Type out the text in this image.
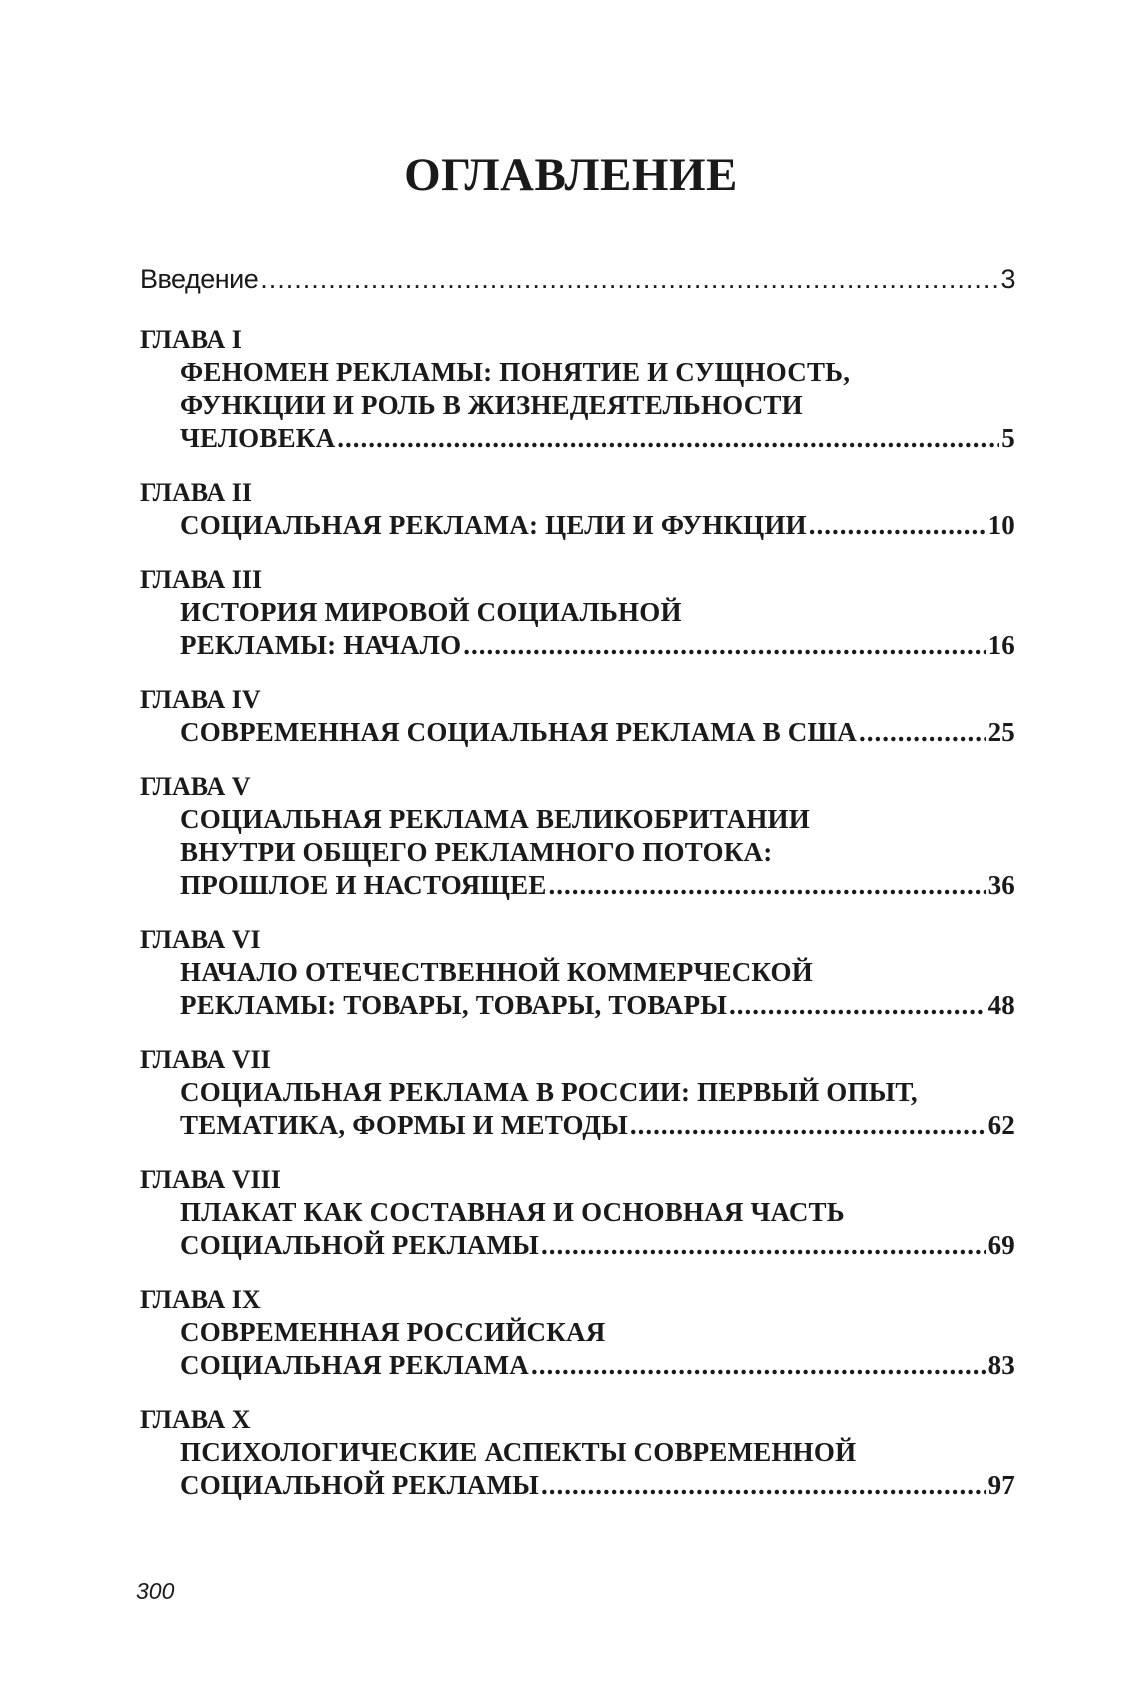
ОГЛАВЛЕНИЕ
Введение .....	3
ГЛАВА I
ФЕНОМЕН РЕКЛАМЫ: ПОНЯТИЕ И СУЩНОСТЬ,
ФУНКЦИИ И РОЛЬ В ЖИЗНЕДЕЯТЕЛЬНОСТИ
ЧЕЛОВЕКА .....	5
ГЛАВА II
СОЦИАЛЬНАЯ РЕКЛАМА: ЦЕЛИ И ФУНКЦИИ .....	10
ГЛАВА III
ИСТОРИЯ МИРОВОЙ СОЦИАЛЬНОЙ
РЕКЛАМЫ: НАЧАЛО .....	16
ГЛАВА IV
СОВРЕМЕННАЯ СОЦИАЛЬНАЯ РЕКЛАМА В США .....	25
ГЛАВА V
СОЦИАЛЬНАЯ РЕКЛАМА ВЕЛИКОБРИТАНИИ
ВНУТРИ ОБЩЕГО РЕКЛАМНОГО ПОТОКА:
ПРОШЛОЕ И НАСТОЯЩЕЕ .....	36
ГЛАВА VI
НАЧАЛО ОТЕЧЕСТВЕННОЙ КОММЕРЧЕСКОЙ
РЕКЛАМЫ: ТОВАРЫ, ТОВАРЫ, ТОВАРЫ .....	48
ГЛАВА VII
СОЦИАЛЬНАЯ РЕКЛАМА В РОССИИ: ПЕРВЫЙ ОПЫТ,
ТЕМАТИКА, ФОРМЫ И МЕТОДЫ .....	62
ГЛАВА VIII
ПЛАКАТ КАК СОСТАВНАЯ И ОСНОВНАЯ ЧАСТЬ
СОЦИАЛЬНОЙ РЕКЛАМЫ .....	69
ГЛАВА IX
СОВРЕМЕННАЯ РОССИЙСКАЯ
СОЦИАЛЬНАЯ РЕКЛАМА .....	83
ГЛАВА X
ПСИХОЛОГИЧЕСКИЕ АСПЕКТЫ СОВРЕМЕННОЙ
СОЦИАЛЬНОЙ РЕКЛАМЫ .....	97
300
